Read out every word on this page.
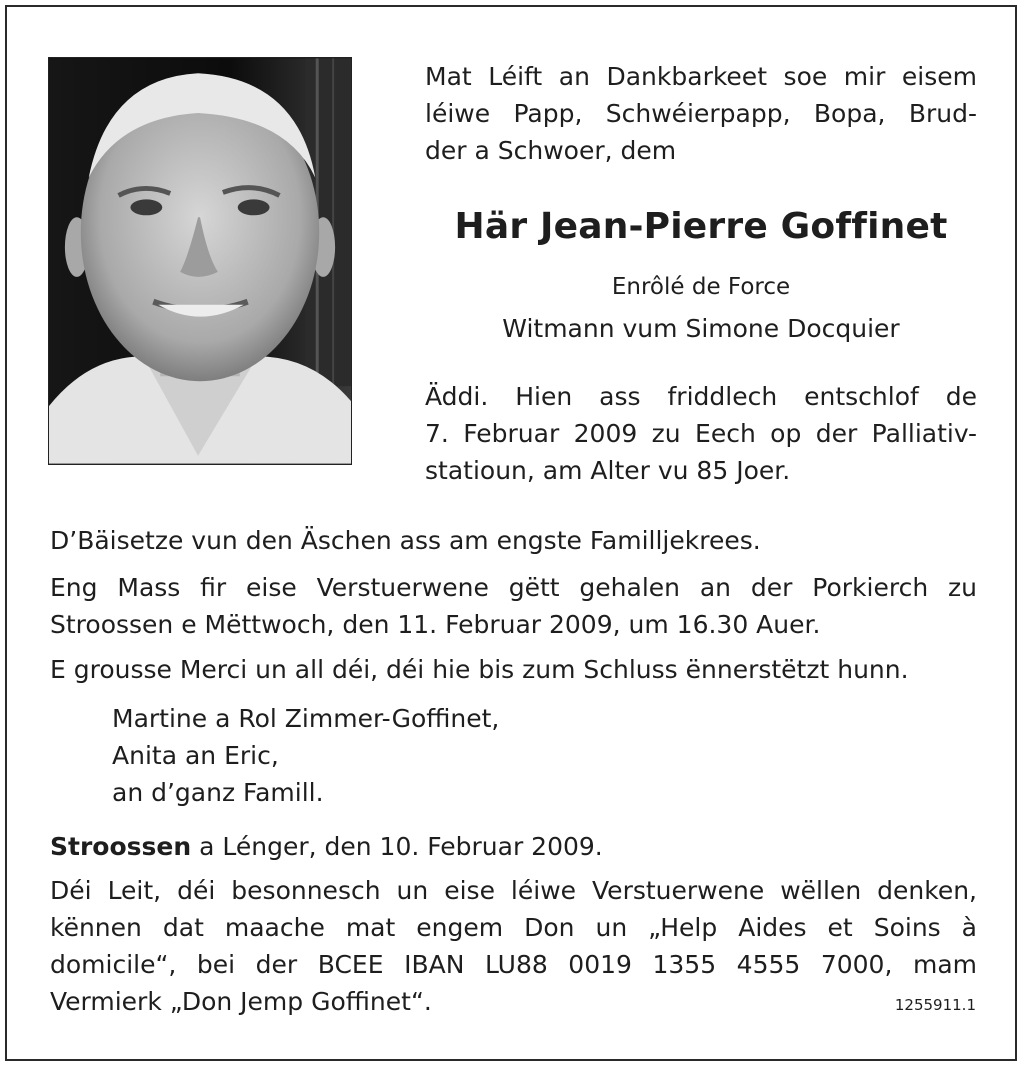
Mat Léift an Dankbarkeet soe mir eisem
léiwe Papp, Schwéierpapp, Bopa, Brud-
der a Schwoer, dem
Här Jean-Pierre Goffinet
Enrôlé de Force
Witmann vum Simone Docquier
Äddi. Hien ass friddlech entschlof de
7. Februar 2009 zu Eech op der Palliativ-
statioun, am Alter vu 85 Joer.
D’Bäisetze vun den Äschen ass am engste Familljekrees.
Eng Mass fir eise Verstuerwene gëtt gehalen an der Porkierch zu
Stroossen e Mëttwoch, den 11. Februar 2009, um 16.30 Auer.
E grousse Merci un all déi, déi hie bis zum Schluss ënnerstëtzt hunn.
Martine a Rol Zimmer-Goffinet,
Anita an Eric,
an d’ganz Famill.
Stroossen a Lénger, den 10. Februar 2009.
Déi Leit, déi besonnesch un eise léiwe Verstuerwene wëllen denken,
kënnen dat maache mat engem Don un „Help Aides et Soins à
domicile“, bei der BCEE IBAN LU88 0019 1355 4555 7000, mam
Vermierk „Don Jemp Goffinet“.	1255911.1
